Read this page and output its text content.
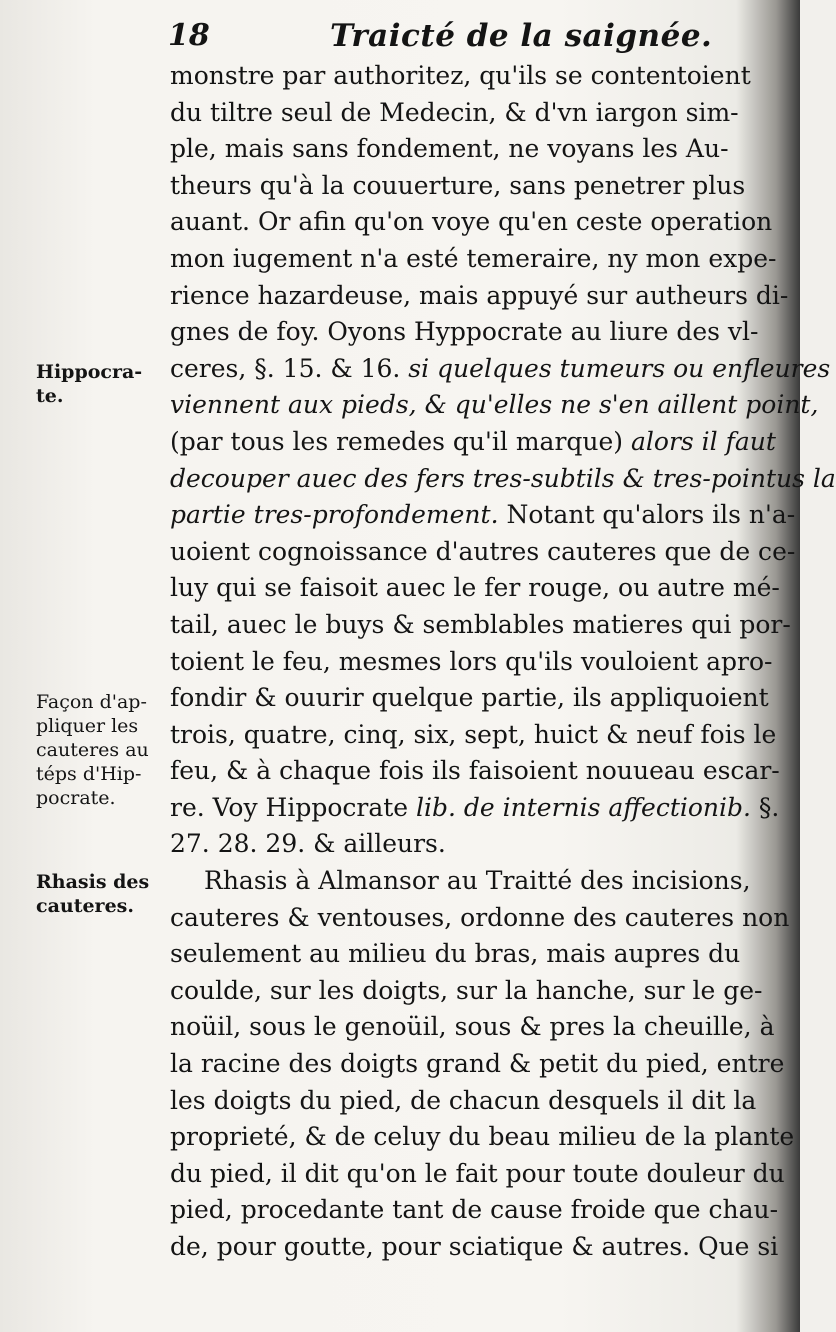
18	Traicté de la saignée.
Hippocra-
te.
Façon d'ap-
pliquer les
cauteres au
téps d'Hip-
pocrate.
Rhasis des
cauteres.
monstre par authoritez, qu'ils se contentoient
du tiltre seul de Medecin, & d'vn iargon sim-
ple, mais sans fondement, ne voyans les Au-
theurs qu'à la couuerture, sans penetrer plus
auant. Or afin qu'on voye qu'en ceste operation
mon iugement n'a esté temeraire, ny mon expe-
rience hazardeuse, mais appuyé sur autheurs di-
gnes de foy. Oyons Hyppocrate au liure des vl-
ceres, §. 15. & 16. si quelques tumeurs ou enfleures
viennent aux pieds, & qu'elles ne s'en aillent point,
(par tous les remedes qu'il marque) alors il faut
decouper auec des fers tres-subtils & tres-pointus la
partie tres-profondement. Notant qu'alors ils n'a-
uoient cognoissance d'autres cauteres que de ce-
luy qui se faisoit auec le fer rouge, ou autre mé-
tail, auec le buys & semblables matieres qui por-
toient le feu, mesmes lors qu'ils vouloient apro-
fondir & ouurir quelque partie, ils appliquoient
trois, quatre, cinq, six, sept, huict & neuf fois le
feu, & à chaque fois ils faisoient nouueau escar-
re. Voy Hippocrate lib. de internis affectionib. §.
27. 28. 29. & ailleurs.
Rhasis à Almansor au Traitté des incisions,
cauteres & ventouses, ordonne des cauteres non
seulement au milieu du bras, mais aupres du
coulde, sur les doigts, sur la hanche, sur le ge-
noüil, sous le genoüil, sous & pres la cheuille, à
la racine des doigts grand & petit du pied, entre
les doigts du pied, de chacun desquels il dit la
proprieté, & de celuy du beau milieu de la plante
du pied, il dit qu'on le fait pour toute douleur du
pied, procedante tant de cause froide que chau-
de, pour goutte, pour sciatique & autres. Que si
